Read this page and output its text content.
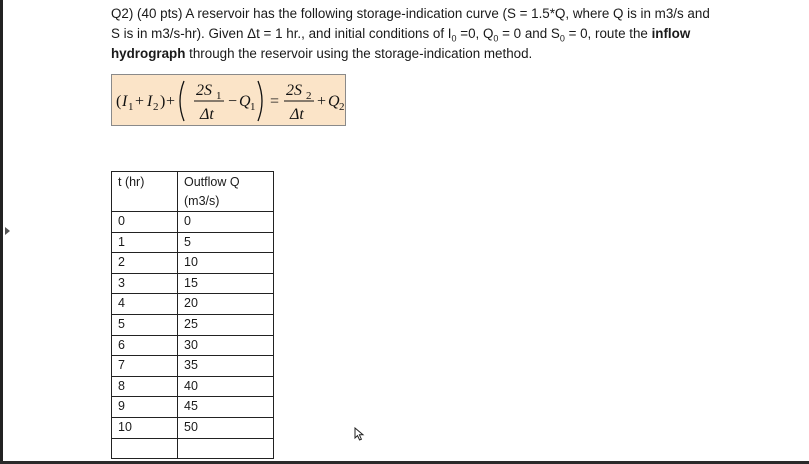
Q2) (40 pts) A reservoir has the following storage-indication curve (S = 1.5*Q, where Q is in m3/s and
S is in m3/s-hr). Given Δt = 1 hr., and initial conditions of $I_0 =0$, $Q_0 = 0$ and $S_0 = 0$, route the inflow
hydrograph through the reservoir using the storage-indication method.

( I 1 + I 2 ) +
2S 1
Δt
− Q 1 =
2S 2
Δt
+ Q 2
t (hr)	Outflow Q (m3/s)
0	0
1	5
2	10
3	15
4	20
5	25
6	30
7	35
8	40
9	45
10	50
